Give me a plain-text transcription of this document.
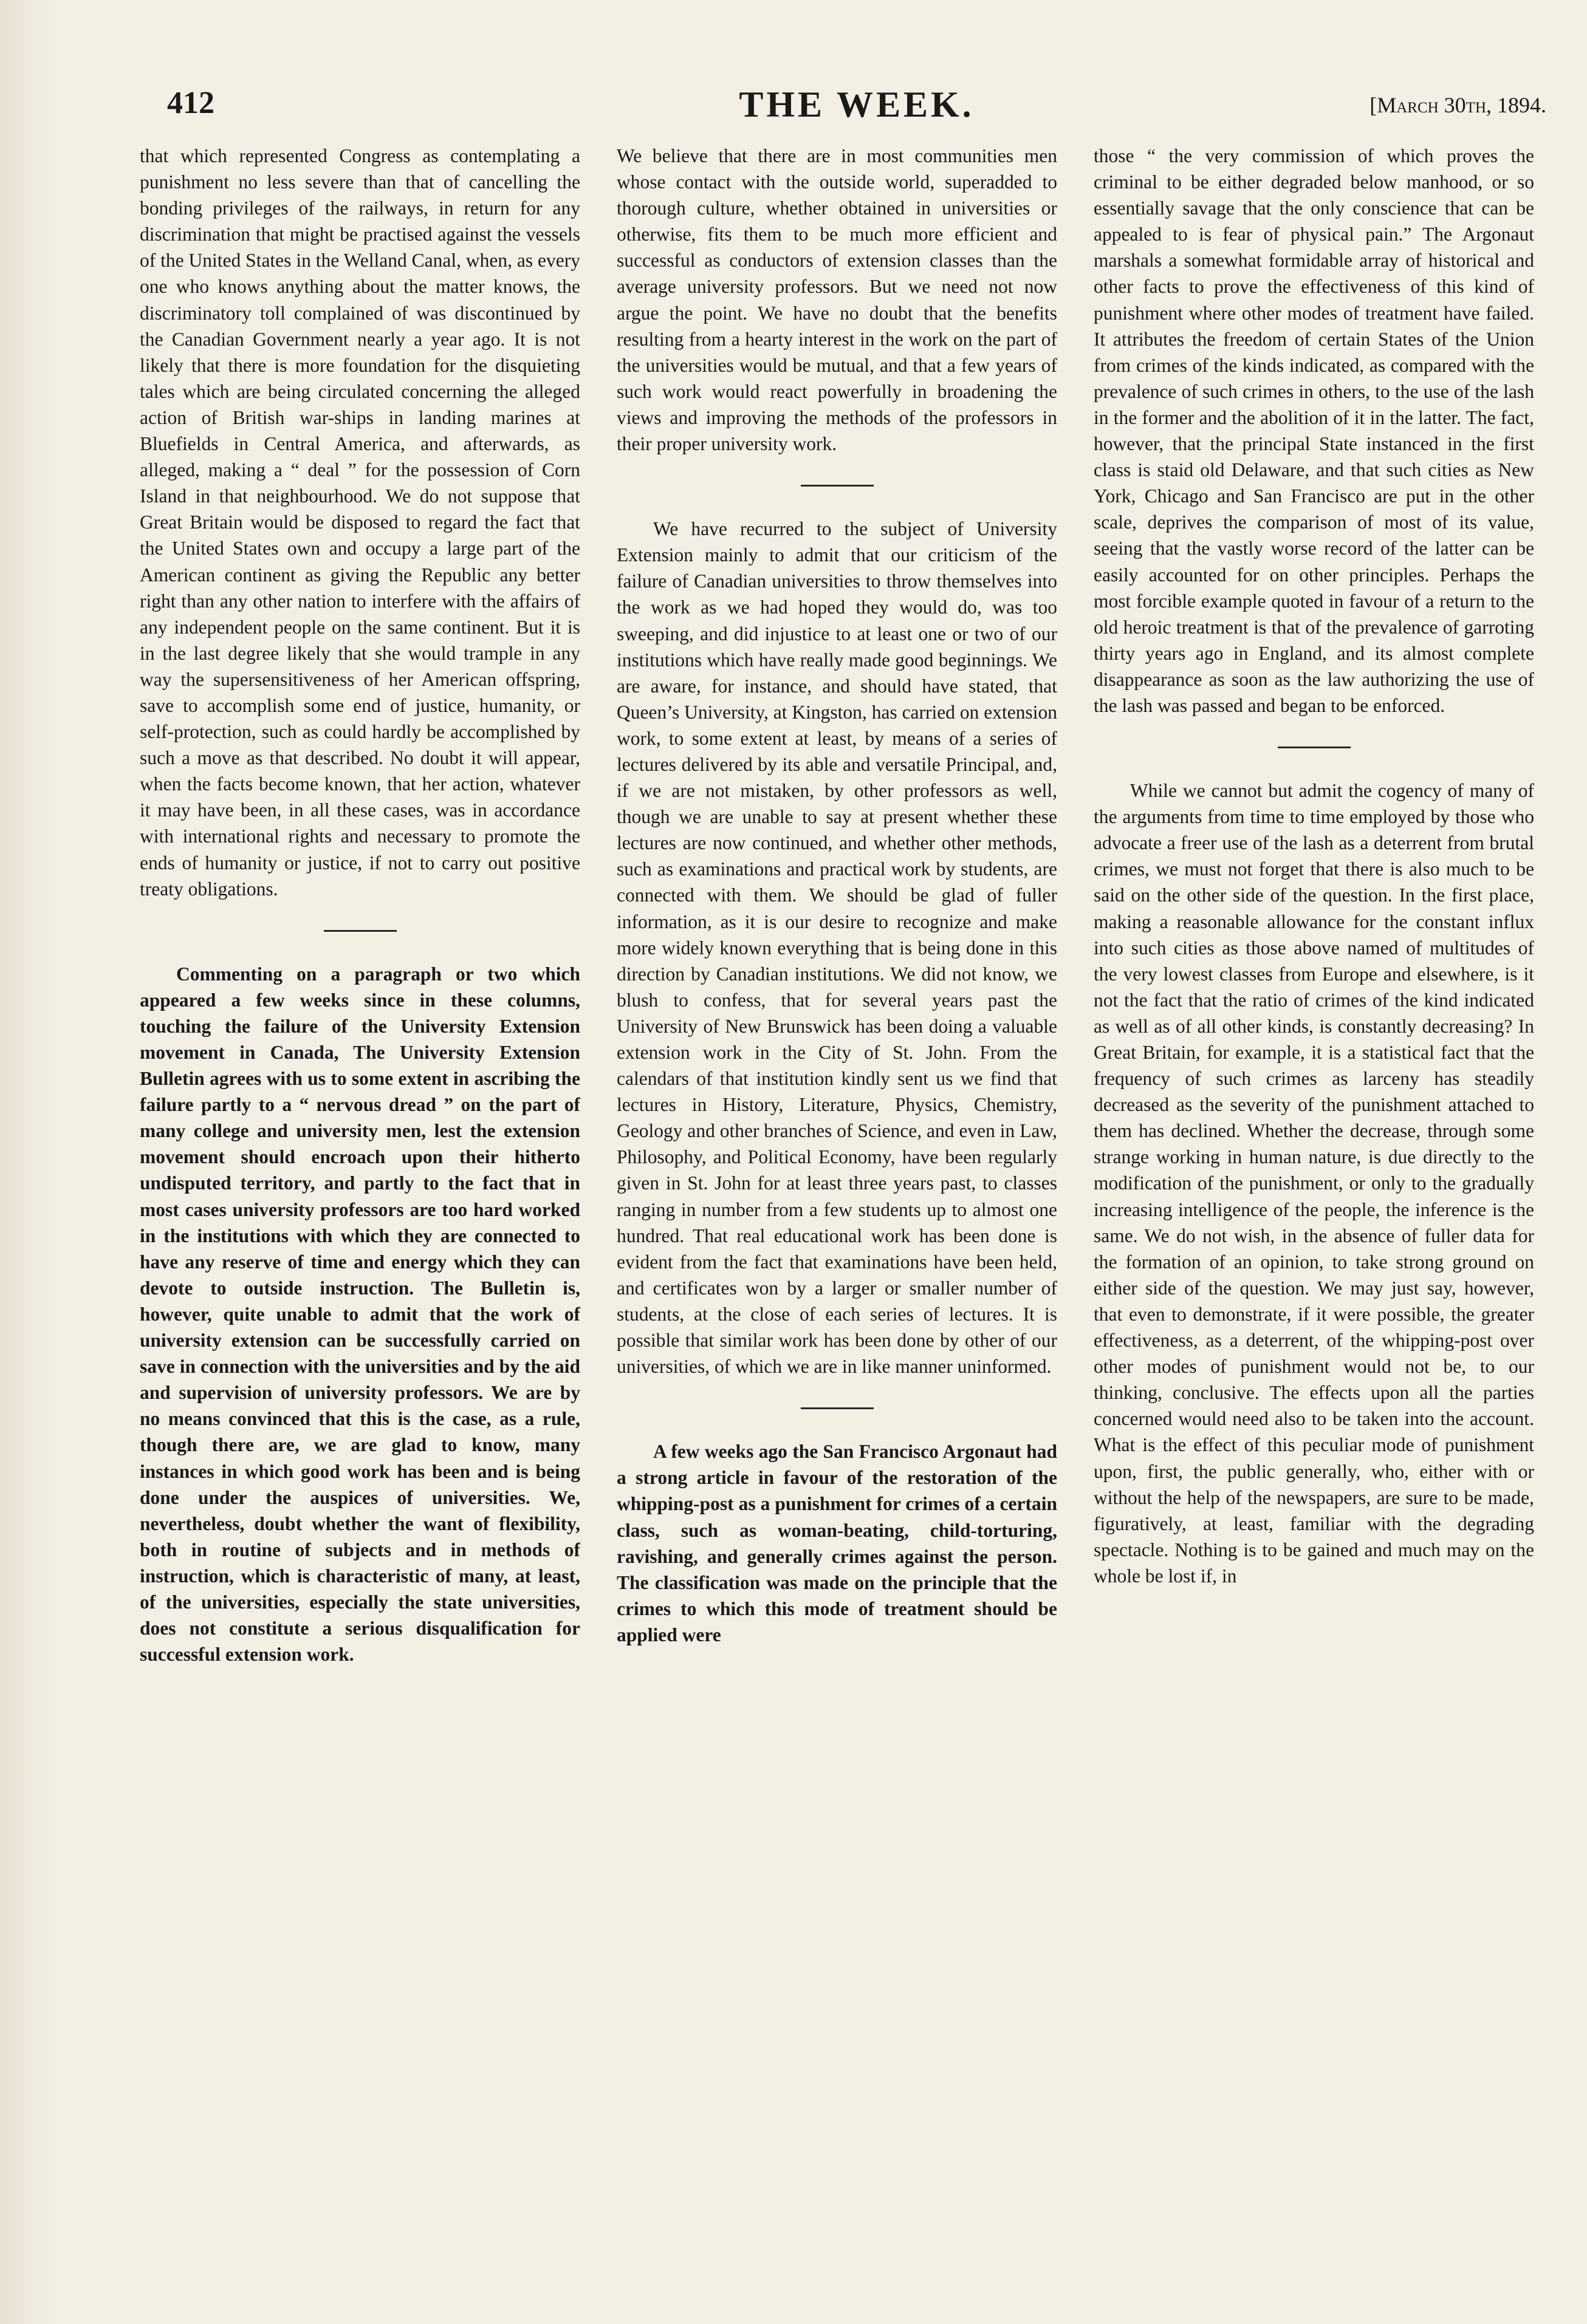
412	THE WEEK.	[March 30th, 1894.

that which represented Congress as contemplating a punishment no less severe than that of cancelling the bonding privileges of the railways, in return for any discrimination that might be practised against the vessels of the United States in the Welland Canal, when, as every one who knows anything about the matter knows, the discriminatory toll complained of was discontinued by the Canadian Government nearly a year ago. It is not likely that there is more foundation for the disquieting tales which are being circulated concerning the alleged action of British war-ships in landing marines at Bluefields in Central America, and afterwards, as alleged, making a “ deal ” for the possession of Corn Island in that neighbourhood. We do not suppose that Great Britain would be disposed to regard the fact that the United States own and occupy a large part of the American continent as giving the Republic any better right than any other nation to interfere with the affairs of any independent people on the same continent. But it is in the last degree likely that she would trample in any way the supersensitiveness of her American offspring, save to accomplish some end of justice, humanity, or self-protection, such as could hardly be accomplished by such a move as that described. No doubt it will appear, when the facts become known, that her action, whatever it may have been, in all these cases, was in accordance with international rights and necessary to promote the ends of humanity or justice, if not to carry out positive treaty obligations.

Commenting on a paragraph or two which appeared a few weeks since in these columns, touching the failure of the University Extension movement in Canada, The University Extension Bulletin agrees with us to some extent in ascribing the failure partly to a “ nervous dread ” on the part of many college and university men, lest the extension movement should encroach upon their hitherto undisputed territory, and partly to the fact that in most cases university professors are too hard worked in the institutions with which they are connected to have any reserve of time and energy which they can devote to outside instruction. The Bulletin is, however, quite unable to admit that the work of university extension can be successfully carried on save in connection with the universities and by the aid and supervision of university professors. We are by no means convinced that this is the case, as a rule, though there are, we are glad to know, many instances in which good work has been and is being done under the auspices of universities. We, nevertheless, doubt whether the want of flexibility, both in routine of subjects and in methods of instruction, which is characteristic of many, at least, of the universities, especially the state universities, does not constitute a serious disqualification for successful extension work.

We believe that there are in most communities men whose contact with the outside world, superadded to thorough culture, whether obtained in universities or otherwise, fits them to be much more efficient and successful as conductors of extension classes than the average university professors. But we need not now argue the point. We have no doubt that the benefits resulting from a hearty interest in the work on the part of the universities would be mutual, and that a few years of such work would react powerfully in broadening the views and improving the methods of the professors in their proper university work.

We have recurred to the subject of University Extension mainly to admit that our criticism of the failure of Canadian universities to throw themselves into the work as we had hoped they would do, was too sweeping, and did injustice to at least one or two of our institutions which have really made good beginnings. We are aware, for instance, and should have stated, that Queen’s University, at Kingston, has carried on extension work, to some extent at least, by means of a series of lectures delivered by its able and versatile Principal, and, if we are not mistaken, by other professors as well, though we are unable to say at present whether these lectures are now continued, and whether other methods, such as examinations and practical work by students, are connected with them. We should be glad of fuller information, as it is our desire to recognize and make more widely known everything that is being done in this direction by Canadian institutions. We did not know, we blush to confess, that for several years past the University of New Brunswick has been doing a valuable extension work in the City of St. John. From the calendars of that institution kindly sent us we find that lectures in History, Literature, Physics, Chemistry, Geology and other branches of Science, and even in Law, Philosophy, and Political Economy, have been regularly given in St. John for at least three years past, to classes ranging in number from a few students up to almost one hundred. That real educational work has been done is evident from the fact that examinations have been held, and certificates won by a larger or smaller number of students, at the close of each series of lectures. It is possible that similar work has been done by other of our universities, of which we are in like manner uninformed.

A few weeks ago the San Francisco Argonaut had a strong article in favour of the restoration of the whipping-post as a punishment for crimes of a certain class, such as woman-beating, child-torturing, ravishing, and generally crimes against the person. The classification was made on the principle that the crimes to which this mode of treatment should be applied were

those “ the very commission of which proves the criminal to be either degraded below manhood, or so essentially savage that the only conscience that can be appealed to is fear of physical pain.” The Argonaut marshals a somewhat formidable array of historical and other facts to prove the effectiveness of this kind of punishment where other modes of treatment have failed. It attributes the freedom of certain States of the Union from crimes of the kinds indicated, as compared with the prevalence of such crimes in others, to the use of the lash in the former and the abolition of it in the latter. The fact, however, that the principal State instanced in the first class is staid old Delaware, and that such cities as New York, Chicago and San Francisco are put in the other scale, deprives the comparison of most of its value, seeing that the vastly worse record of the latter can be easily accounted for on other principles. Perhaps the most forcible example quoted in favour of a return to the old heroic treatment is that of the prevalence of garroting thirty years ago in England, and its almost complete disappearance as soon as the law authorizing the use of the lash was passed and began to be enforced.

While we cannot but admit the cogency of many of the arguments from time to time employed by those who advocate a freer use of the lash as a deterrent from brutal crimes, we must not forget that there is also much to be said on the other side of the question. In the first place, making a reasonable allowance for the constant influx into such cities as those above named of multitudes of the very lowest classes from Europe and elsewhere, is it not the fact that the ratio of crimes of the kind indicated as well as of all other kinds, is constantly decreasing? In Great Britain, for example, it is a statistical fact that the frequency of such crimes as larceny has steadily decreased as the severity of the punishment attached to them has declined. Whether the decrease, through some strange working in human nature, is due directly to the modification of the punishment, or only to the gradually increasing intelligence of the people, the inference is the same. We do not wish, in the absence of fuller data for the formation of an opinion, to take strong ground on either side of the question. We may just say, however, that even to demonstrate, if it were possible, the greater effectiveness, as a deterrent, of the whipping-post over other modes of punishment would not be, to our thinking, conclusive. The effects upon all the parties concerned would need also to be taken into the account. What is the effect of this peculiar mode of punishment upon, first, the public generally, who, either with or without the help of the newspapers, are sure to be made, figuratively, at least, familiar with the degrading spectacle. Nothing is to be gained and much may on the whole be lost if, in
